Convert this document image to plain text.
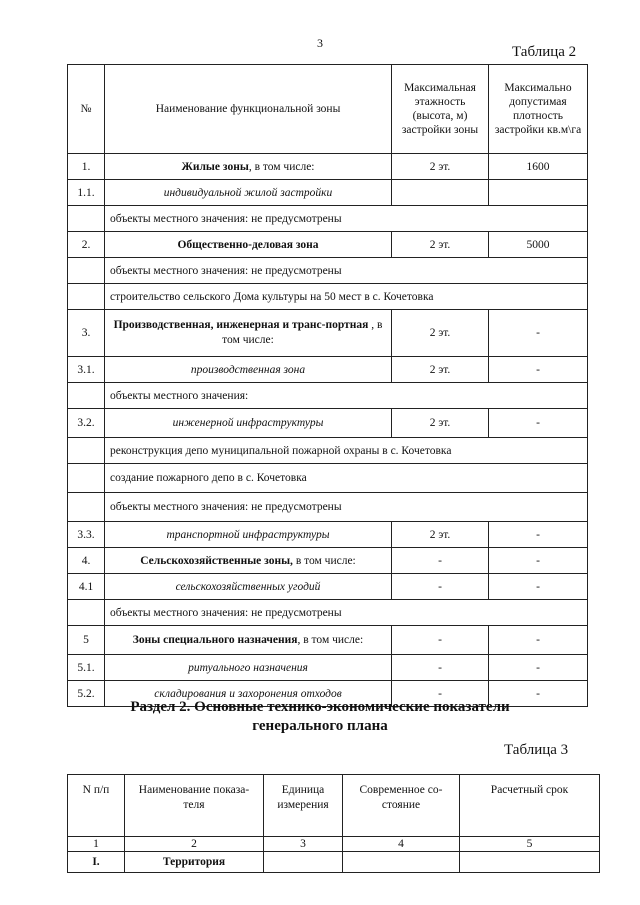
3
Таблица 2
№	Наименование функциональной зоны	Максимальная этажность (высота, м) застройки зоны	Максимально допустимая плотность застройки кв.м\га
1.	Жилые зоны, в том числе:	2 эт.	1600
1.1.	индивидуальной жилой застройки		
	объекты местного значения: не предусмотрены		
2.	Общественно-деловая зона	2 эт.	5000
	объекты местного значения: не предусмотрены		
	строительство сельского Дома культуры на 50 мест в с. Кочетовка		
3.	Производственная, инженерная и транс-портная , в том числе:	2 эт.	-
3.1.	производственная зона	2 эт.	-
	объекты местного значения:		
3.2.	инженерной инфраструктуры	2 эт.	-
	реконструкция депо муниципальной пожарной охраны в с. Кочетовка		
	создание пожарного депо в с. Кочетовка		
	объекты местного значения: не предусмотрены		
3.3.	транспортной инфраструктуры	2 эт.	-
4.	Сельскохозяйственные зоны, в том числе:	-	-
4.1	сельскохозяйственных угодий	-	-
	объекты местного значения: не предусмотрены		
5	Зоны специального назначения, в том числе:	-	-
5.1.	ритуального назначения	-	-
5.2.	складирования и захоронения отходов	-	-
Раздел 2. Основные технико-экономические показатели
генерального плана
Таблица 3
N п/п	Наименование показа-теля	Единица измерения	Современное со-стояние	Расчетный срок
1	2	3	4	5
I.	Территория			
